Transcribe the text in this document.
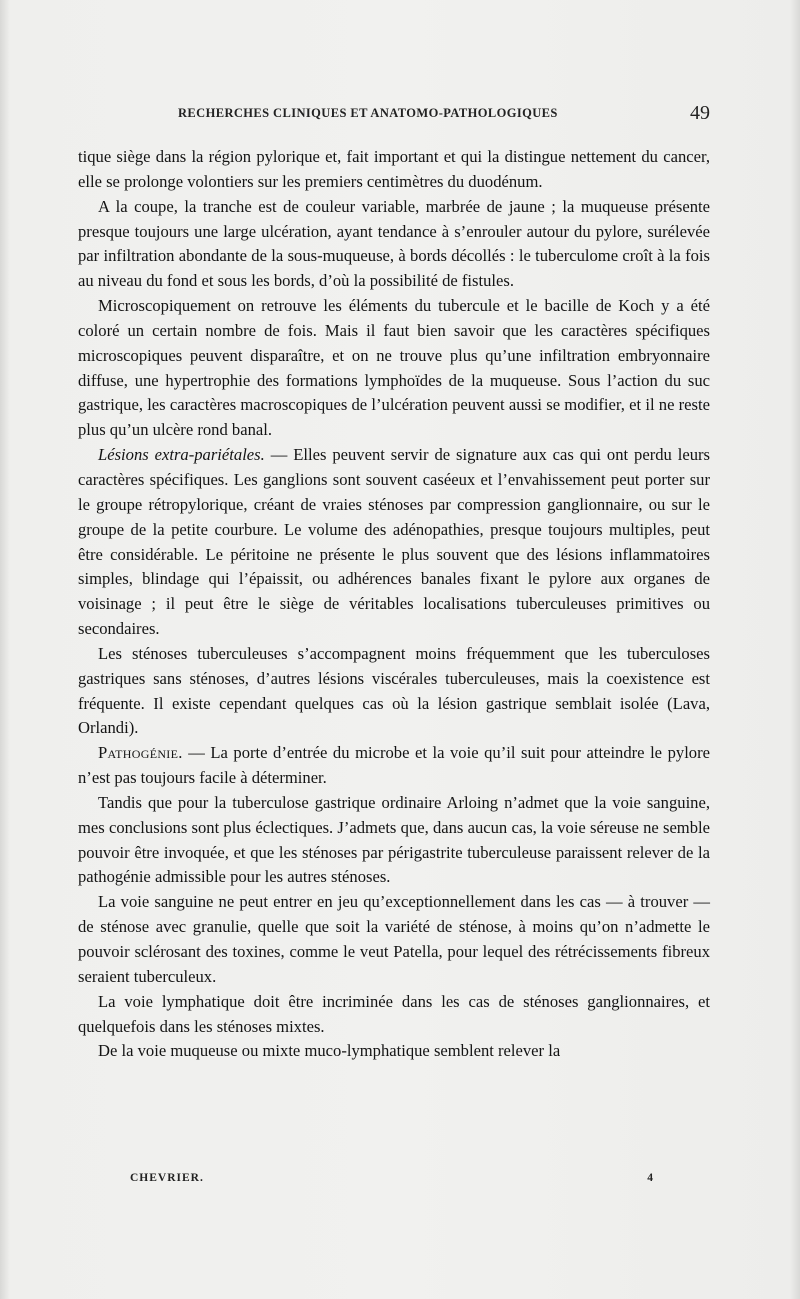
RECHERCHES CLINIQUES ET ANATOMO-PATHOLOGIQUES	49

tique siège dans la région pylorique et, fait important et qui la distingue nettement du cancer, elle se prolonge volontiers sur les premiers centimètres du duodénum.

A la coupe, la tranche est de couleur variable, marbrée de jaune ; la muqueuse présente presque toujours une large ulcération, ayant tendance à s’enrouler autour du pylore, surélevée par infiltration abondante de la sous-muqueuse, à bords décollés : le tuberculome croît à la fois au niveau du fond et sous les bords, d’où la possibilité de fistules.

Microscopiquement on retrouve les éléments du tubercule et le bacille de Koch y a été coloré un certain nombre de fois. Mais il faut bien savoir que les caractères spécifiques microscopiques peuvent disparaître, et on ne trouve plus qu’une infiltration embryonnaire diffuse, une hypertrophie des formations lymphoïdes de la muqueuse. Sous l’action du suc gastrique, les caractères macroscopiques de l’ulcération peuvent aussi se modifier, et il ne reste plus qu’un ulcère rond banal.

Lésions extra-pariétales. — Elles peuvent servir de signature aux cas qui ont perdu leurs caractères spécifiques. Les ganglions sont souvent caséeux et l’envahissement peut porter sur le groupe rétropylorique, créant de vraies sténoses par compression ganglionnaire, ou sur le groupe de la petite courbure. Le volume des adénopathies, presque toujours multiples, peut être considérable. Le péritoine ne présente le plus souvent que des lésions inflammatoires simples, blindage qui l’épaissit, ou adhérences banales fixant le pylore aux organes de voisinage ; il peut être le siège de véritables localisations tuberculeuses primitives ou secondaires.

Les sténoses tuberculeuses s’accompagnent moins fréquemment que les tuberculoses gastriques sans sténoses, d’autres lésions viscérales tuberculeuses, mais la coexistence est fréquente. Il existe cependant quelques cas où la lésion gastrique semblait isolée (Lava, Orlandi).

Pathogénie. — La porte d’entrée du microbe et la voie qu’il suit pour atteindre le pylore n’est pas toujours facile à déterminer.

Tandis que pour la tuberculose gastrique ordinaire Arloing n’admet que la voie sanguine, mes conclusions sont plus éclectiques. J’admets que, dans aucun cas, la voie séreuse ne semble pouvoir être invoquée, et que les sténoses par périgastrite tuberculeuse paraissent relever de la pathogénie admissible pour les autres sténoses.

La voie sanguine ne peut entrer en jeu qu’exceptionnellement dans les cas — à trouver — de sténose avec granulie, quelle que soit la variété de sténose, à moins qu’on n’admette le pouvoir sclérosant des toxines, comme le veut Patella, pour lequel des rétrécissements fibreux seraient tuberculeux.

La voie lymphatique doit être incriminée dans les cas de sténoses ganglionnaires, et quelquefois dans les sténoses mixtes.

De la voie muqueuse ou mixte muco-lymphatique semblent relever la

CHEVRIER.	4
